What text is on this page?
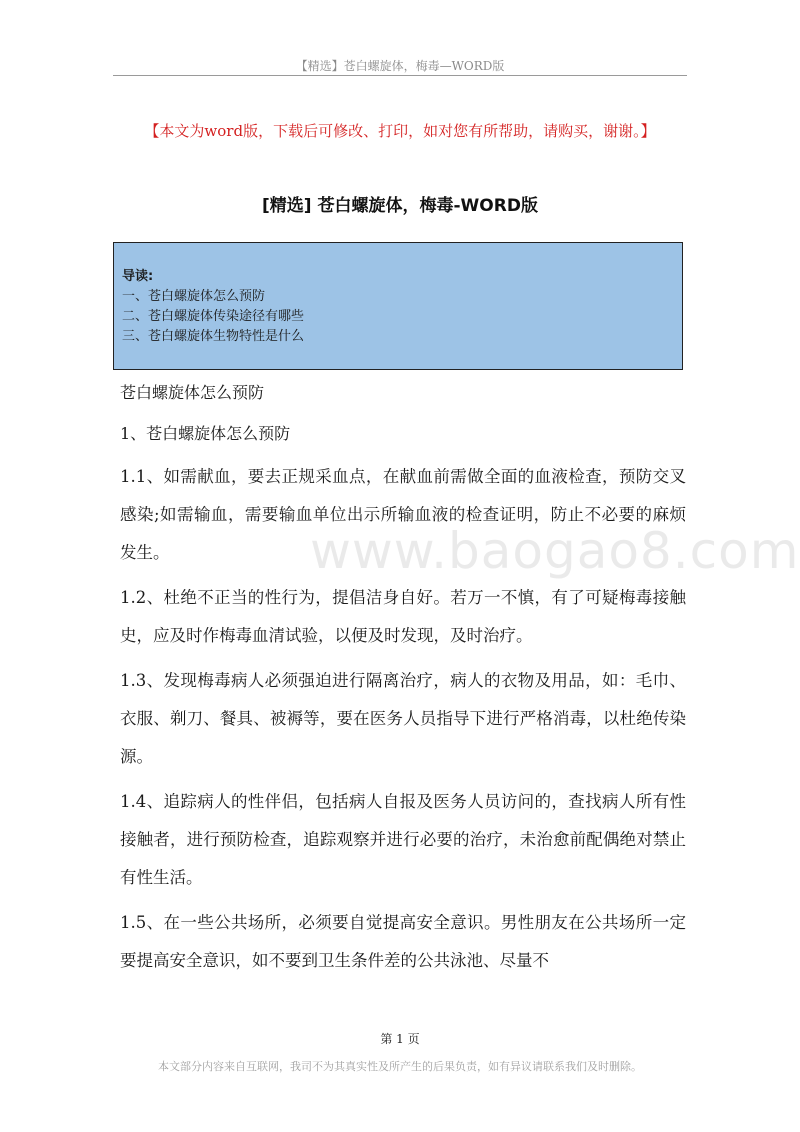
【精选】苍白螺旋体，梅毒—WORD版
【本文为word版，下载后可修改、打印，如对您有所帮助，请购买，谢谢。】
[精选] 苍白螺旋体，梅毒-WORD版

导读:

一、苍白螺旋体怎么预防
二、苍白螺旋体传染途径有哪些
三、苍白螺旋体生物特性是什么
www.baogao8.com

苍白螺旋体怎么预防

1、苍白螺旋体怎么预防

1.1、如需献血，要去正规采血点，在献血前需做全面的血液检查，预防交叉感染;如需输血，需要输血单位出示所输血液的检查证明，防止不必要的麻烦发生。

1.2、杜绝不正当的性行为，提倡洁身自好。若万一不慎，有了可疑梅毒接触史，应及时作梅毒血清试验，以便及时发现，及时治疗。

1.3、发现梅毒病人必须强迫进行隔离治疗，病人的衣物及用品，如：毛巾、衣服、剃刀、餐具、被褥等，要在医务人员指导下进行严格消毒，以杜绝传染源。

1.4、追踪病人的性伴侣，包括病人自报及医务人员访问的，查找病人所有性接触者，进行预防检查，追踪观察并进行必要的治疗，未治愈前配偶绝对禁止有性生活。

1.5、在一些公共场所，必须要自觉提高安全意识。男性朋友在公共场所一定要提高安全意识，如不要到卫生条件差的公共泳池、尽量不

第 1 页
本文部分内容来自互联网，我司不为其真实性及所产生的后果负责，如有异议请联系我们及时删除。
